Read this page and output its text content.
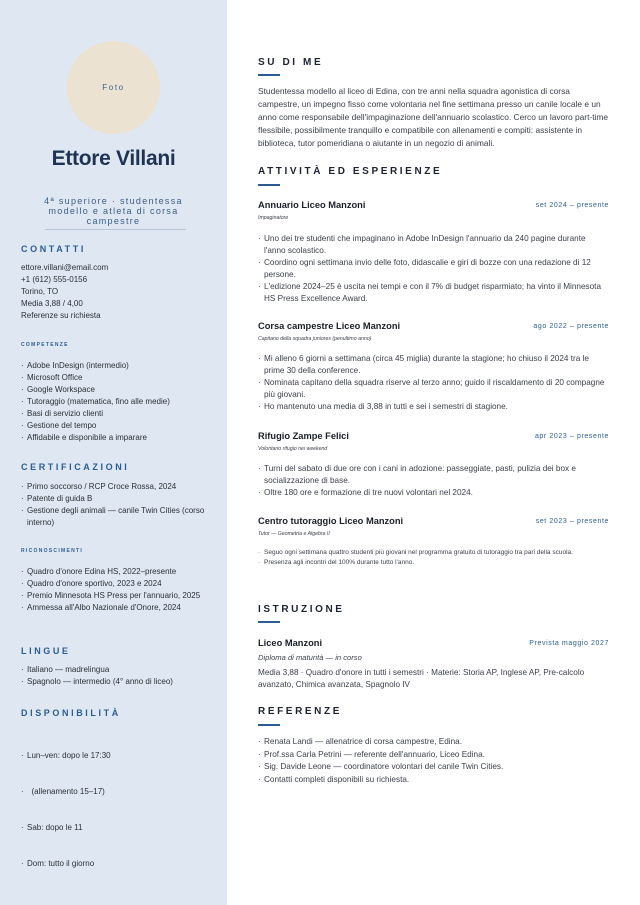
Foto
Ettore Villani
4ª superiore · studentessa modello e atleta di corsa campestre
CONTATTI
ettore.villani@email.com
+1 (612) 555-0156
Torino, TO
Media 3,88 / 4,00
Referenze su richiesta
COMPETENZE
· Adobe InDesign (intermedio)
· Microsoft Office
· Google Workspace
· Tutoraggio (matematica, fino alle medie)
· Basi di servizio clienti
· Gestione del tempo
· Affidabile e disponibile a imparare
CERTIFICAZIONI
· Primo soccorso / RCP Croce Rossa, 2024
· Patente di guida B
· Gestione degli animali — canile Twin Cities (corso interno)
RICONOSCIMENTI
· Quadro d'onore Edina HS, 2022–presente
· Quadro d'onore sportivo, 2023 e 2024
· Premio Minnesota HS Press per l'annuario, 2025
· Ammessa all'Albo Nazionale d'Onore, 2024
LINGUE
· Italiano — madrelingua
· Spagnolo — intermedio (4° anno di liceo)
DISPONIBILITÀ

· Lun–ven: dopo le 17:30

·   (allenamento 15–17)

· Sab: dopo le 11

· Dom: tutto il giorno

SU DI ME

Studentessa modello al liceo di Edina, con tre anni nella squadra agonistica di corsa campestre, un impegno fisso come volontaria nel fine settimana presso un canile locale e un anno come responsabile dell'impaginazione dell'annuario scolastico. Cerco un lavoro part-time flessibile, possibilmente tranquillo e compatibile con allenamenti e compiti: assistente in biblioteca, tutor pomeridiana o aiutante in un negozio di animali.

ATTIVITÀ ED ESPERIENZE
Annuario Liceo Manzoni	set 2024 – presente
Impaginatore
· Uno dei tre studenti che impaginano in Adobe InDesign l'annuario da 240 pagine durante l'anno scolastico.
· Coordino ogni settimana invio delle foto, didascalie e giri di bozze con una redazione di 12 persone.
· L'edizione 2024–25 è uscita nei tempi e con il 7% di budget risparmiato; ha vinto il Minnesota HS Press Excellence Award.
Corsa campestre Liceo Manzoni	ago 2022 – presente
Capitano della squadra juniores (penultimo anno)
· Mi alleno 6 giorni a settimana (circa 45 miglia) durante la stagione; ho chiuso il 2024 tra le prime 30 della conference.
· Nominata capitano della squadra riserve al terzo anno; guido il riscaldamento di 20 compagne più giovani.
· Ho mantenuto una media di 3,88 in tutti e sei i semestri di stagione.
Rifugio Zampe Felici	apr 2023 – presente
Volontario rifugio nei weekend
· Turni del sabato di due ore con i cani in adozione: passeggiate, pasti, pulizia dei box e socializzazione di base.
· Oltre 180 ore e formazione di tre nuovi volontari nel 2024.
Centro tutoraggio Liceo Manzoni	set 2023 – presente
Tutor — Geometria e Algebra II
· Seguo ogni settimana quattro studenti più giovani nel programma gratuito di tutoraggio tra pari della scuola.
· Presenza agli incontri del 100% durante tutto l'anno.
ISTRUZIONE
Liceo Manzoni	Prevista maggio 2027
Diploma di maturità — in corso

Media 3,88 · Quadro d'onore in tutti i semestri · Materie: Storia AP, Inglese AP, Pre-calcolo avanzato, Chimica avanzata, Spagnolo IV

REFERENZE
· Renata Landi — allenatrice di corsa campestre, Edina.
· Prof.ssa Carla Petrini — referente dell'annuario, Liceo Edina.
· Sig. Davide Leone — coordinatore volontari del canile Twin Cities.
· Contatti completi disponibili su richiesta.
